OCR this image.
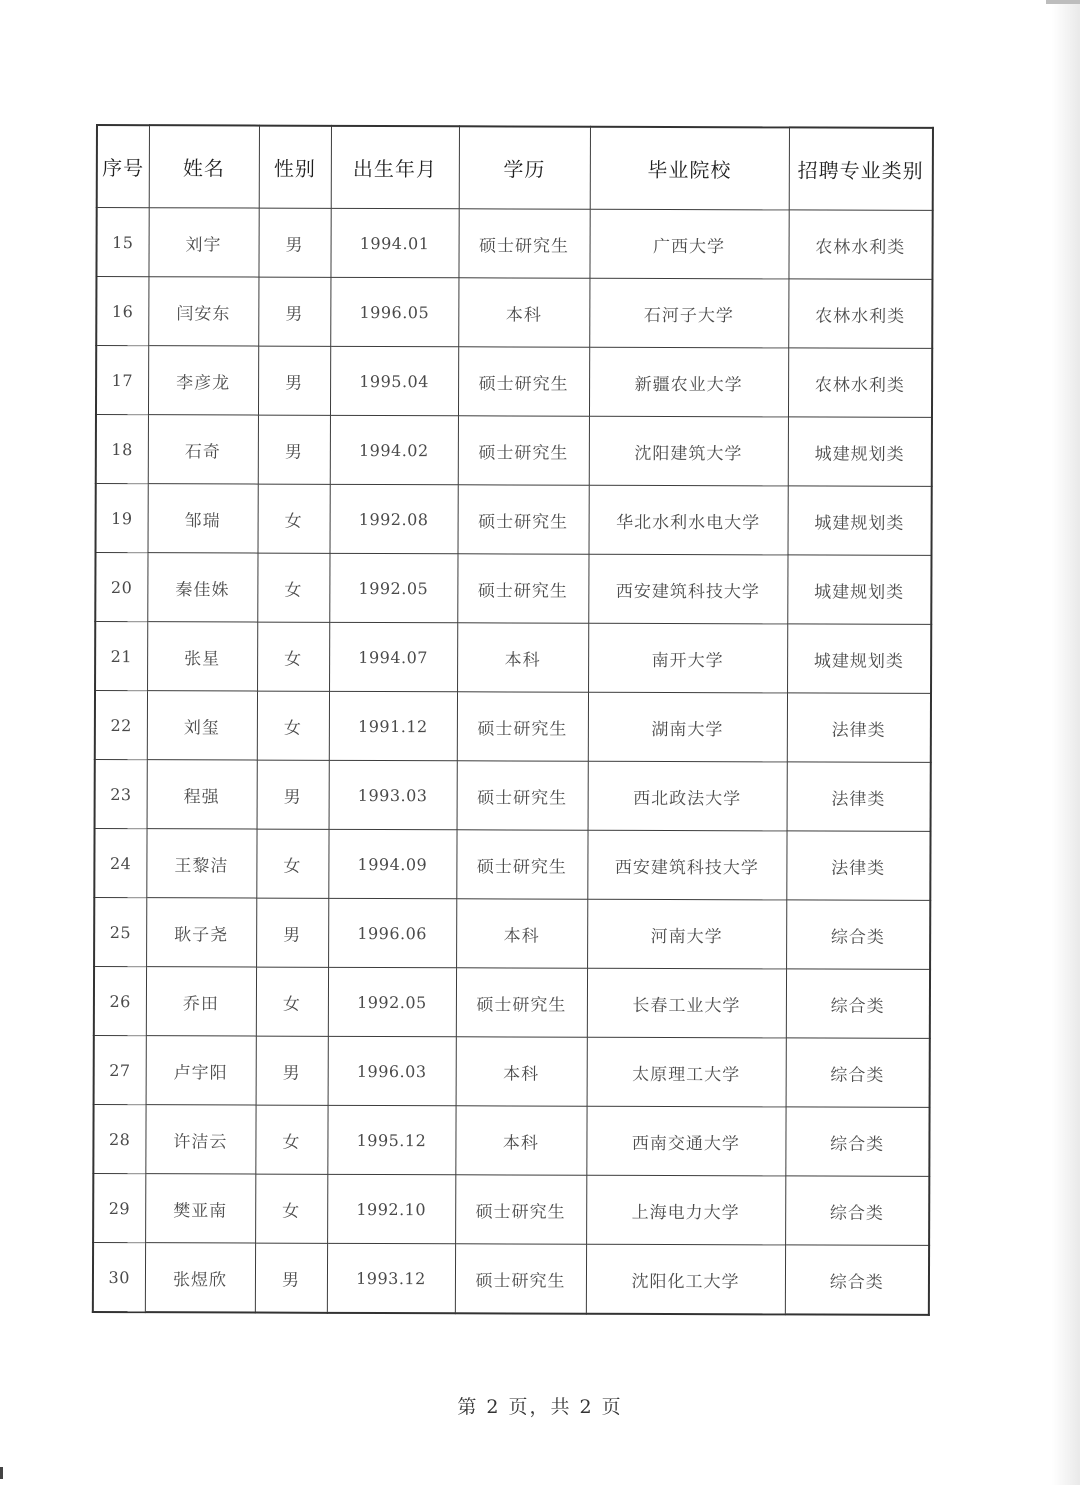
序号	姓名	性别	出生年月	学历	毕业院校	招聘专业类别
15	刘宇	男	1994.01	硕士研究生	广西大学	农林水利类
16	闫安东	男	1996.05	本科	石河子大学	农林水利类
17	李彦龙	男	1995.04	硕士研究生	新疆农业大学	农林水利类
18	石奇	男	1994.02	硕士研究生	沈阳建筑大学	城建规划类
19	邹瑞	女	1992.08	硕士研究生	华北水利水电大学	城建规划类
20	秦佳姝	女	1992.05	硕士研究生	西安建筑科技大学	城建规划类
21	张星	女	1994.07	本科	南开大学	城建规划类
22	刘玺	女	1991.12	硕士研究生	湖南大学	法律类
23	程强	男	1993.03	硕士研究生	西北政法大学	法律类
24	王黎洁	女	1994.09	硕士研究生	西安建筑科技大学	法律类
25	耿子尧	男	1996.06	本科	河南大学	综合类
26	乔田	女	1992.05	硕士研究生	长春工业大学	综合类
27	卢宇阳	男	1996.03	本科	太原理工大学	综合类
28	许洁云	女	1995.12	本科	西南交通大学	综合类
29	樊亚南	女	1992.10	硕士研究生	上海电力大学	综合类
30	张煜欣	男	1993.12	硕士研究生	沈阳化工大学	综合类
第 2 页，共 2 页
